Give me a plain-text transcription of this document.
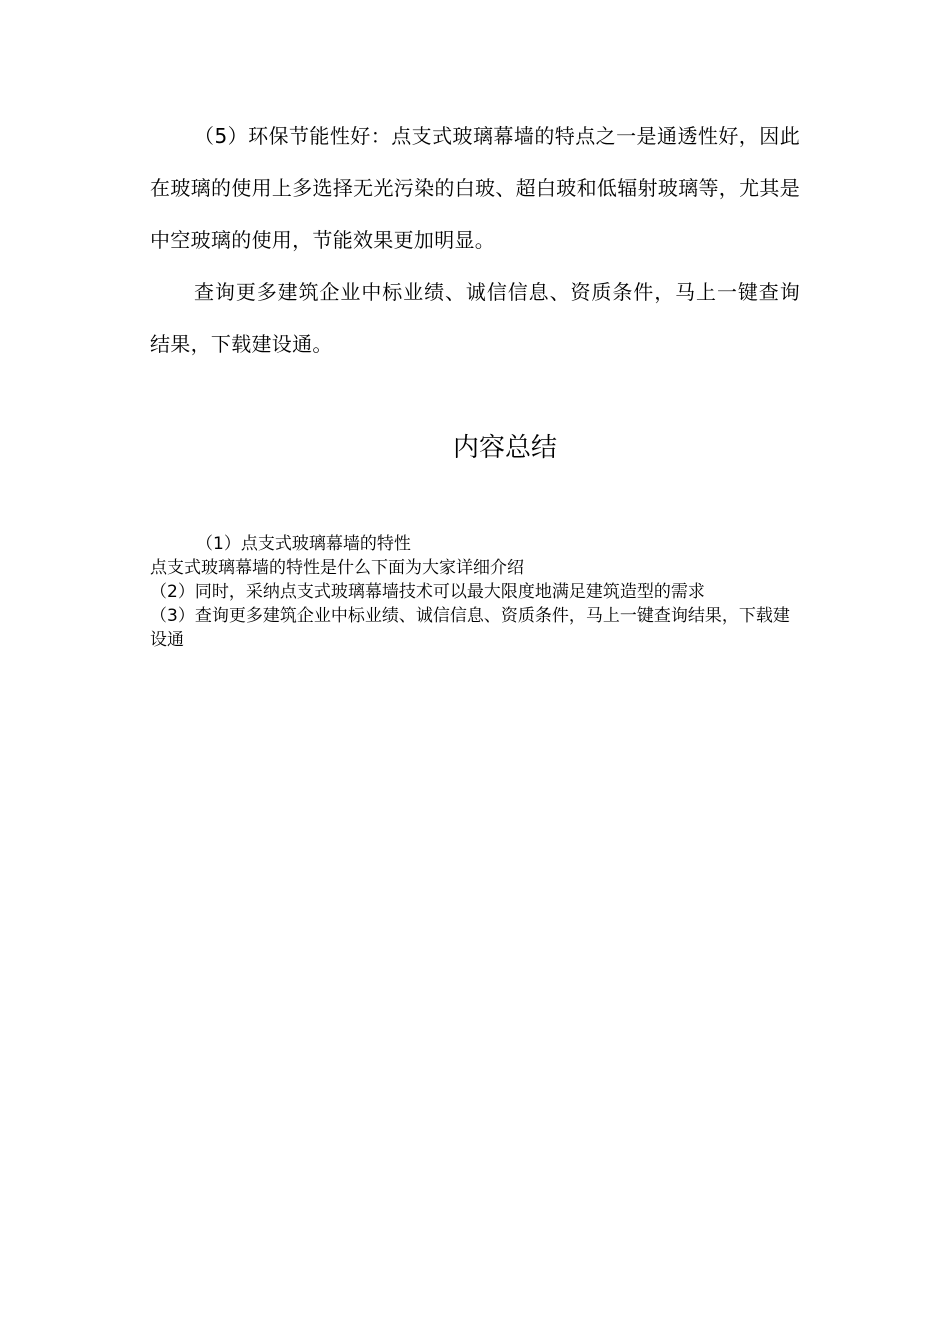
（5）环保节能性好：点支式玻璃幕墙的特点之一是通透性好，因此在玻璃的使用上多选择无光污染的白玻、超白玻和低辐射玻璃等，尤其是中空玻璃的使用，节能效果更加明显。

查询更多建筑企业中标业绩、诚信信息、资质条件，马上一键查询结果，下载建设通。

内容总结

（1）点支式玻璃幕墙的特性

点支式玻璃幕墙的特性是什么下面为大家详细介绍

（2）同时，采纳点支式玻璃幕墙技术可以最大限度地满足建筑造型的需求

（3）查询更多建筑企业中标业绩、诚信信息、资质条件，马上一键查询结果，下载建设通
